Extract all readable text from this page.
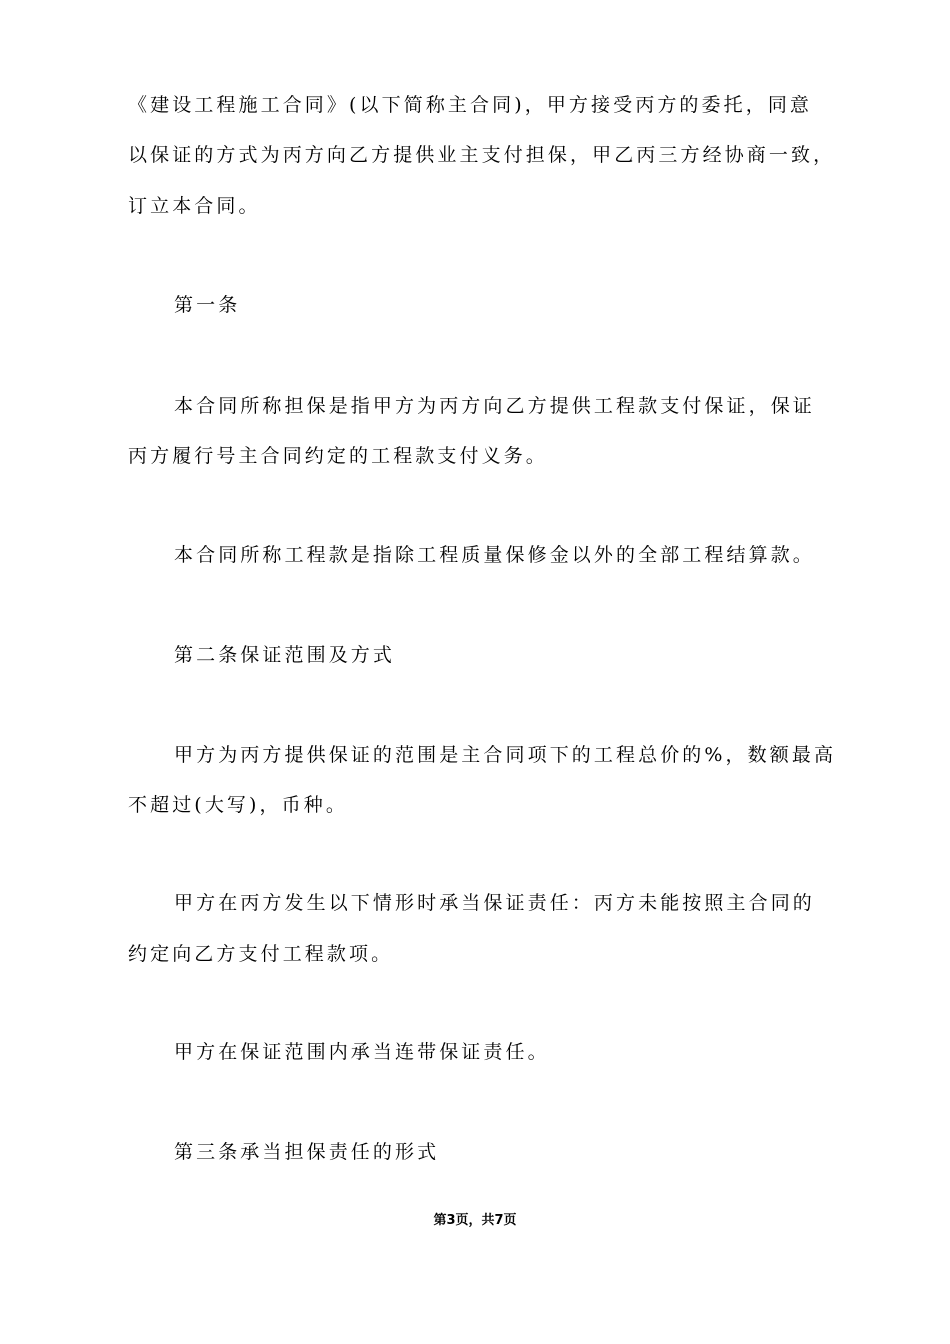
《建设工程施工合同》(以下简称主合同)，甲方接受丙方的委托，同意
以保证的方式为丙方向乙方提供业主支付担保，甲乙丙三方经协商一致，
订立本合同。
第一条
本合同所称担保是指甲方为丙方向乙方提供工程款支付保证，保证
丙方履行号主合同约定的工程款支付义务。
本合同所称工程款是指除工程质量保修金以外的全部工程结算款。
第二条保证范围及方式
甲方为丙方提供保证的范围是主合同项下的工程总价的%，数额最高
不超过(大写)，币种。
甲方在丙方发生以下情形时承当保证责任：丙方未能按照主合同的
约定向乙方支付工程款项。
甲方在保证范围内承当连带保证责任。
第三条承当担保责任的形式
第3页，共7页
